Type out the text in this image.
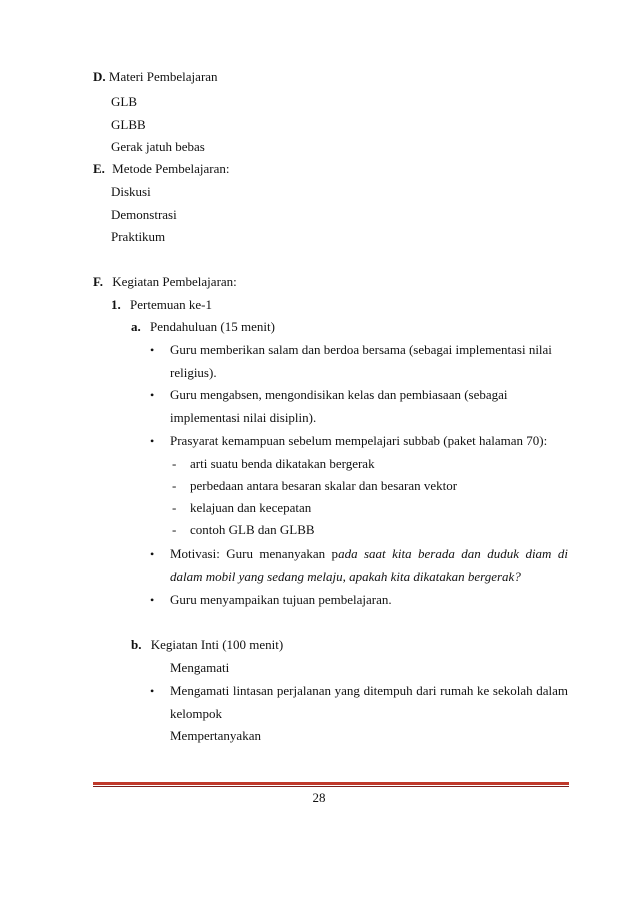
D. Materi Pembelajaran
GLB
GLBB
Gerak jatuh bebas
E. Metode Pembelajaran:
Diskusi
Demonstrasi
Praktikum
F. Kegiatan Pembelajaran:
1. Pertemuan ke-1
a. Pendahuluan (15 menit)
• Guru memberikan salam dan berdoa bersama (sebagai implementasi nilai
religius).
• Guru mengabsen, mengondisikan kelas dan pembiasaan (sebagai
implementasi nilai disiplin).
• Prasyarat kemampuan sebelum mempelajari subbab (paket halaman 70):
- arti suatu benda dikatakan bergerak
- perbedaan antara besaran skalar dan besaran vektor
- kelajuan dan kecepatan
- contoh GLB dan GLBB
• Motivasi: Guru menanyakan pada saat kita berada dan duduk diam di
dalam mobil yang sedang melaju, apakah kita dikatakan bergerak?
• Guru menyampaikan tujuan pembelajaran.
b. Kegiatan Inti (100 menit)
Mengamati
• Mengamati lintasan perjalanan yang ditempuh dari rumah ke sekolah dalam
kelompok
Mempertanyakan
28
